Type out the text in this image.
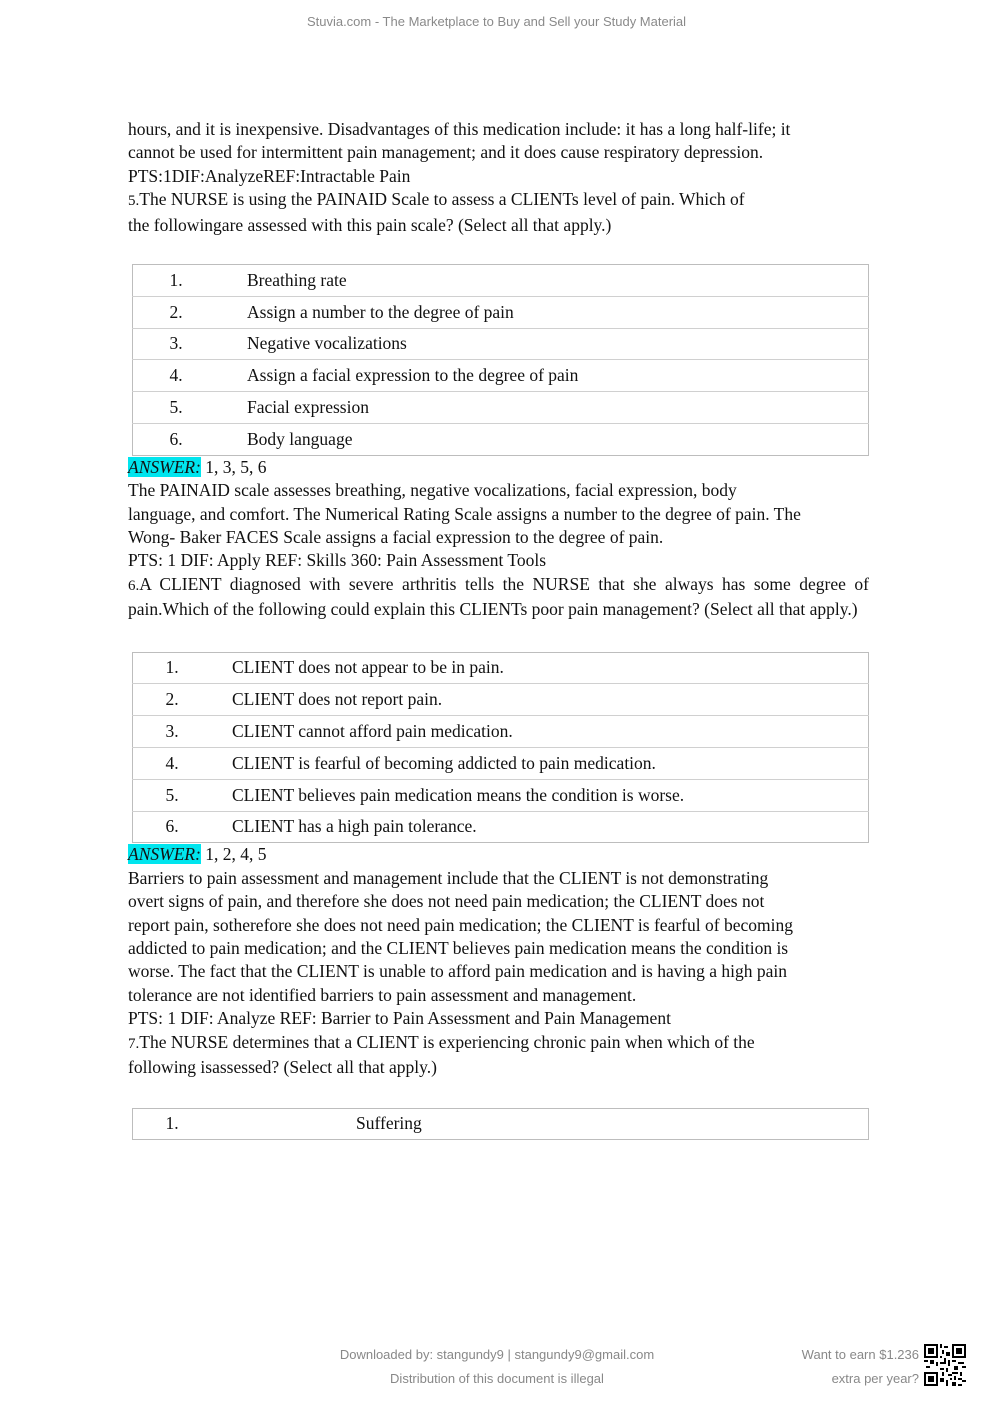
Stuvia.com - The Marketplace to Buy and Sell your Study Material

hours, and it is inexpensive. Disadvantages of this medication include: it has a long half-life; it

cannot be used for intermittent pain management; and it does cause respiratory depression.

PTS:1DIF:AnalyzeREF:Intractable Pain

5.The NURSE is using the PAINAID Scale to assess a CLIENTs level of pain. Which of

the followingare assessed with this pain scale? (Select all that apply.)

1.	Breathing rate
2.	Assign a number to the degree of pain
3.	Negative vocalizations
4.	Assign a facial expression to the degree of pain
5.	Facial expression
6.	Body language

ANSWER: 1, 3, 5, 6

The PAINAID scale assesses breathing, negative vocalizations, facial expression, body

language, and comfort. The Numerical Rating Scale assigns a number to the degree of pain. The

Wong- Baker FACES Scale assigns a facial expression to the degree of pain.

PTS: 1 DIF: Apply REF: Skills 360: Pain Assessment Tools

6.A CLIENT diagnosed with severe arthritis tells the NURSE that she always has some degree of pain.Which of the following could explain this CLIENTs poor pain management? (Select all that apply.)

1.	CLIENT does not appear to be in pain.
2.	CLIENT does not report pain.
3.	CLIENT cannot afford pain medication.
4.	CLIENT is fearful of becoming addicted to pain medication.
5.	CLIENT believes pain medication means the condition is worse.
6.	CLIENT has a high pain tolerance.

ANSWER: 1, 2, 4, 5

Barriers to pain assessment and management include that the CLIENT is not demonstrating

overt signs of pain, and therefore she does not need pain medication; the CLIENT does not

report pain, sotherefore she does not need pain medication; the CLIENT is fearful of becoming

addicted to pain medication; and the CLIENT believes pain medication means the condition is

worse. The fact that the CLIENT is unable to afford pain medication and is having a high pain

tolerance are not identified barriers to pain assessment and management.

PTS: 1 DIF: Analyze REF: Barrier to Pain Assessment and Pain Management

7.The NURSE determines that a CLIENT is experiencing chronic pain when which of the

following isassessed? (Select all that apply.)

1.	Suffering
Downloaded by: stangundy9 | stangundy9@gmail.com
Distribution of this document is illegal
Want to earn $1.236
extra per year?
